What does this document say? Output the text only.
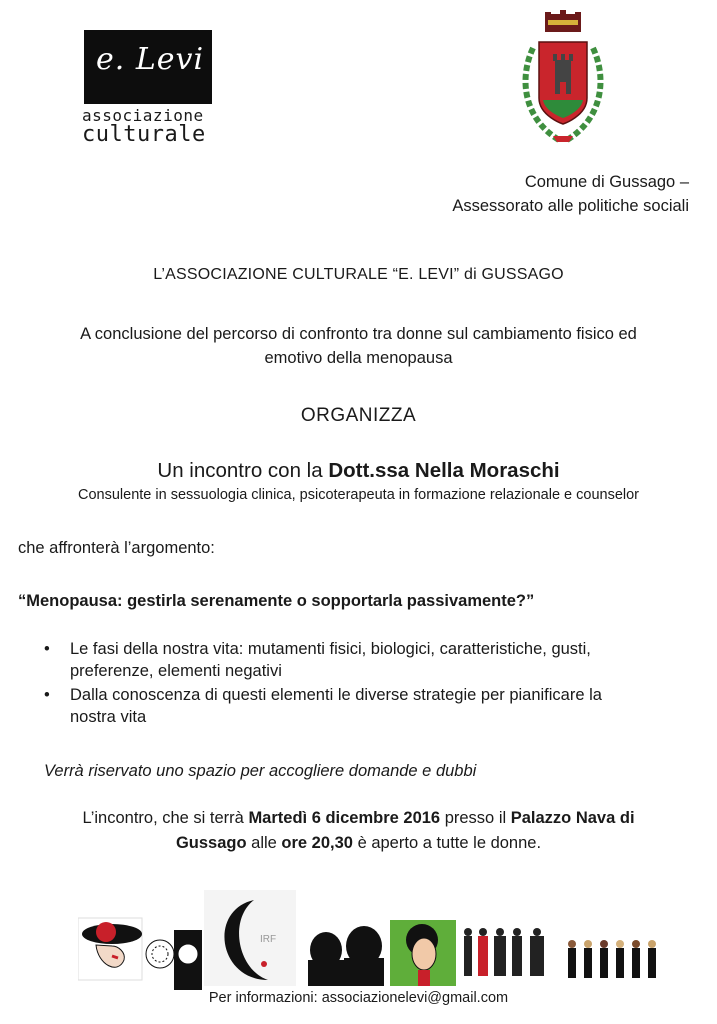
e. Levi
associazione
culturale
Comune di Gussago –
Assessorato alle politiche sociali
L’ASSOCIAZIONE CULTURALE “E. LEVI” di GUSSAGO
A conclusione del percorso di confronto tra donne sul cambiamento fisico ed
emotivo della menopausa
ORGANIZZA
Un incontro con la Dott.ssa Nella Moraschi
Consulente in sessuologia clinica, psicoterapeuta in formazione relazionale e counselor
che affronterà l’argomento:
“Menopausa: gestirla serenamente o sopportarla passivamente?”
• Le fasi della nostra vita: mutamenti fisici, biologici, caratteristiche, gusti,
preferenze, elementi negativi
• Dalla conoscenza di questi elementi le diverse strategie per pianificare la
nostra vita
Verrà riservato uno spazio per accogliere domande e dubbi
L’incontro, che si terrà Martedì 6 dicembre 2016 presso il Palazzo Nava di
Gussago alle ore 20,30 è aperto a tutte le donne.
IRF
Per informazioni: associazionelevi@gmail.com
